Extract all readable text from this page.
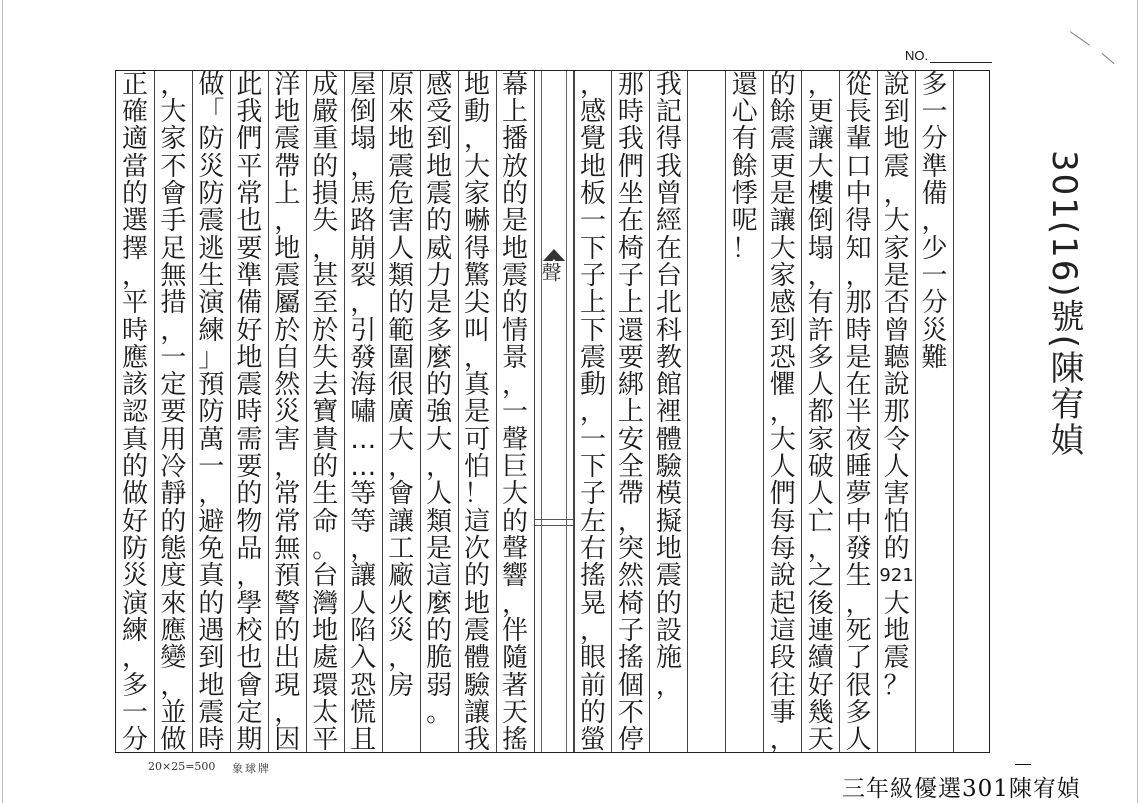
NO.
多
一
分
準
備
，
少
一
分
災
難
說
到
地
震
，
大
家
是
否
曾
聽
說
那
令
人
害
怕
的
921
大
地
震
？
從
長
輩
口
中
得
知
，
那
時
是
在
半
夜
睡
夢
中
發
生
，
死
了
很
多
人
，
更
讓
大
樓
倒
塌
，
有
許
多
人
都
家
破
人
亡
，
之
後
連
續
好
幾
天
的
餘
震
更
是
讓
大
家
感
到
恐
懼
，
大
人
們
每
每
說
起
這
段
往
事
，
還
心
有
餘
悸
呢
！
我
記
得
我
曾
經
在
台
北
科
教
館
裡
體
驗
模
擬
地
震
的
設
施
，
那
時
我
們
坐
在
椅
子
上
還
要
綁
上
安
全
帶
，
突
然
椅
子
搖
個
不
停
，
感
覺
地
板
一
下
子
上
下
震
動
，
一
下
子
左
右
搖
晃
，
眼
前
的
螢
幕
上
播
放
的
是
地
震
的
情
景
，
一
聲
巨
大
的
聲
響
，
伴
隨
著
天
搖
地
動
，
大
家
嚇
得
驚
尖
叫
，
真
是
可
怕
！
這
次
的
地
震
體
驗
讓
我
感
受
到
地
震
的
威
力
是
多
麼
的
強
大
，
人
類
是
這
麼
的
脆
弱
。
原
來
地
震
危
害
人
類
的
範
圍
很
廣
大
，
會
讓
工
廠
火
災
，
房
屋
倒
塌
，
馬
路
崩
裂
，
引
發
海
嘯
…
…
等
等
，
讓
人
陷
入
恐
慌
且
成
嚴
重
的
損
失
，
甚
至
於
失
去
寶
貴
的
生
命
。
台
灣
地
處
環
太
平
洋
地
震
帶
上
，
地
震
屬
於
自
然
災
害
，
常
常
無
預
警
的
出
現
，
因
此
我
們
平
常
也
要
準
備
好
地
震
時
需
要
的
物
品
，
學
校
也
會
定
期
做
「
防
災
防
震
逃
生
演
練
」
預
防
萬
一
，
避
免
真
的
遇
到
地
震
時
，
大
家
不
會
手
足
無
措
，
一
定
要
用
冷
靜
的
態
度
來
應
變
，
並
做
正
確
適
當
的
選
擇
，
平
時
應
該
認
真
的
做
好
防
災
演
練
，
多
一
分
301(16)號(陳宥媜
聲
20×25=500 象球牌
三年級優選301陳宥媜
